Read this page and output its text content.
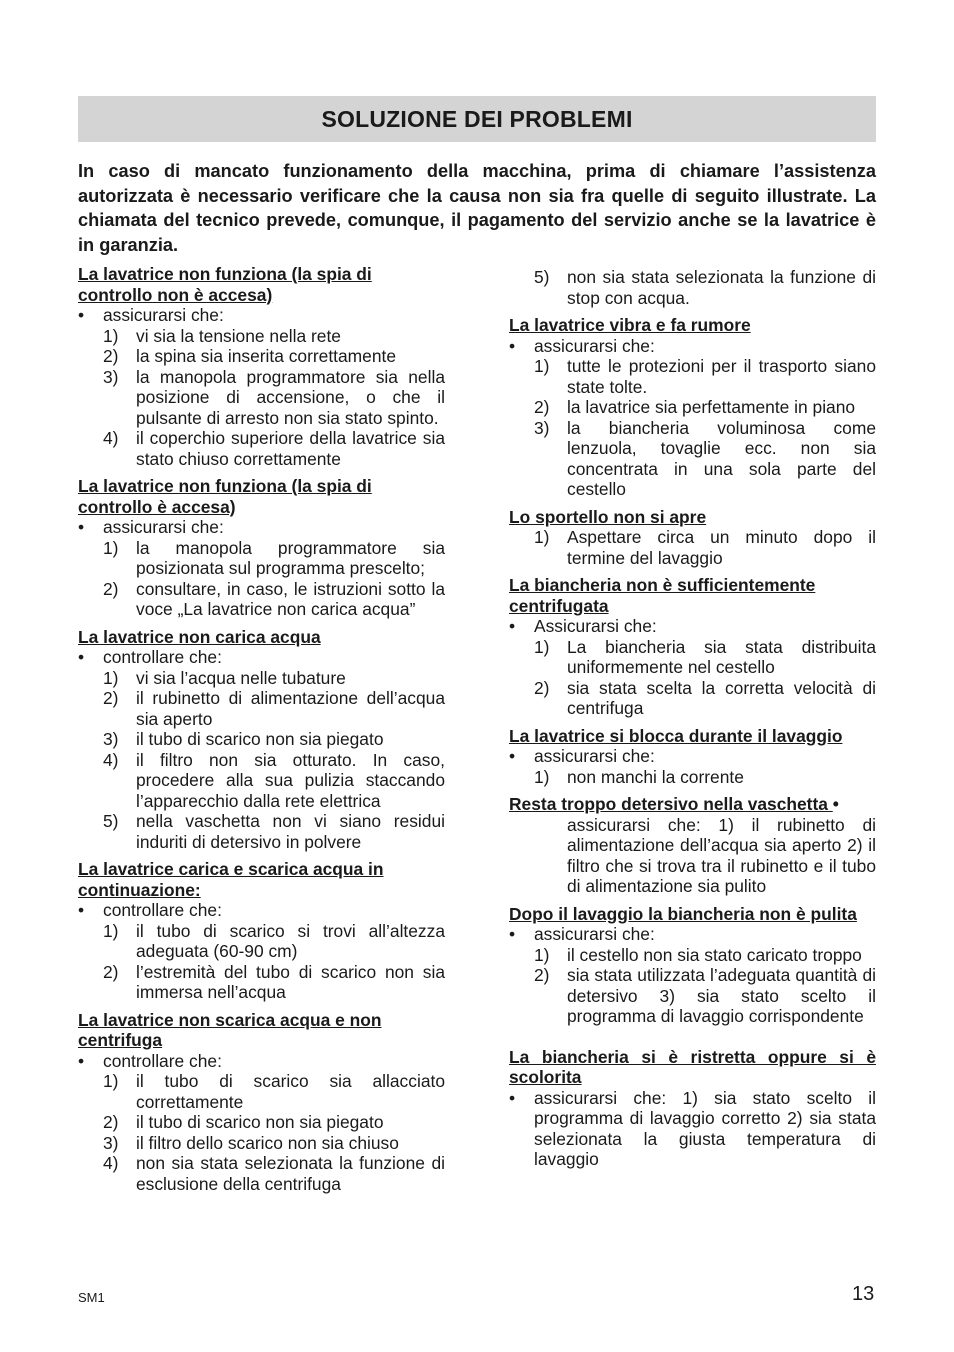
SOLUZIONE DEI PROBLEMI

In caso di mancato funzionamento della macchina, prima di chiamare l’assistenza autorizzata è necessario verificare che la causa non sia fra quelle di seguito illustrate. La chiamata del tecnico prevede, comunque, il pagamento del servizio anche se la lavatrice è in garanzia.

La lavatrice non funziona (la spia di controllo non è accesa)

•	assicurarsi che:
1)	vi sia la tensione nella rete
2)	la spina sia inserita correttamente
3)	la manopola programmatore sia nella posizione di accensione, o che il pulsante di arresto non sia stato spinto.
4)	il coperchio superiore della lavatrice sia stato chiuso correttamente

La lavatrice non funziona (la spia di controllo è accesa)

•	assicurarsi che:
1)	la manopola programmatore sia posizionata sul programma prescelto;
2)	consultare, in caso, le istruzioni sotto la voce „La lavatrice non carica acqua”

La lavatrice non carica acqua

•	controllare che:
1)	vi sia l’acqua nelle tubature
2)	il rubinetto di alimentazione dell’acqua sia aperto
3)	il tubo di scarico non sia piegato
4)	il filtro non sia otturato. In caso, procedere alla sua pulizia staccando l’apparecchio dalla rete elettrica
5)	nella vaschetta non vi siano residui induriti di detersivo in polvere

La lavatrice carica e scarica acqua in continuazione:

•	controllare che:
1)	il tubo di scarico si trovi all’altezza adeguata (60-90 cm)
2)	l’estremità del tubo di scarico non sia immersa nell’acqua

La lavatrice non scarica acqua e non centrifuga

•	controllare che:
1)	il tubo di scarico sia allacciato correttamente
2)	il tubo di scarico non sia piegato
3)	il filtro dello scarico non sia chiuso
4)	non sia stata selezionata la funzione di esclusione della centrifuga
5)	non sia stata selezionata la funzione di stop con acqua.

La lavatrice vibra e fa rumore

•	assicurarsi che:
1)	tutte le protezioni per il trasporto siano state tolte.
2)	la lavatrice sia perfettamente in piano
3)	la biancheria voluminosa come lenzuola, tovaglie ecc. non sia concentrata in una sola parte del cestello

Lo sportello non si apre

1)	Aspettare circa un minuto dopo il termine del lavaggio

La biancheria non è sufficientemente centrifugata

•	Assicurarsi che:
1)	La biancheria sia stata distribuita uniformemente nel cestello
2)	sia stata scelta la corretta velocità di centrifuga

La lavatrice si blocca durante il lavaggio

•	assicurarsi che:
1)	non manchi la corrente

Resta troppo detersivo nella vaschetta •

assicurarsi che: 1) il rubinetto di alimentazione dell’acqua sia aperto 2) il filtro che si trova tra il rubinetto e il tubo di alimentazione sia pulito

Dopo il lavaggio la biancheria non è pulita

•	assicurarsi che:
1)	il cestello non sia stato caricato troppo
2)	sia stata utilizzata l’adeguata quantità di detersivo 3) sia stato scelto il programma di lavaggio corrispondente

La biancheria si è ristretta oppure si è scolorita

•	assicurarsi che: 1) sia stato scelto il programma di lavaggio corretto 2) sia stata selezionata la giusta temperatura di lavaggio
SM1	13
